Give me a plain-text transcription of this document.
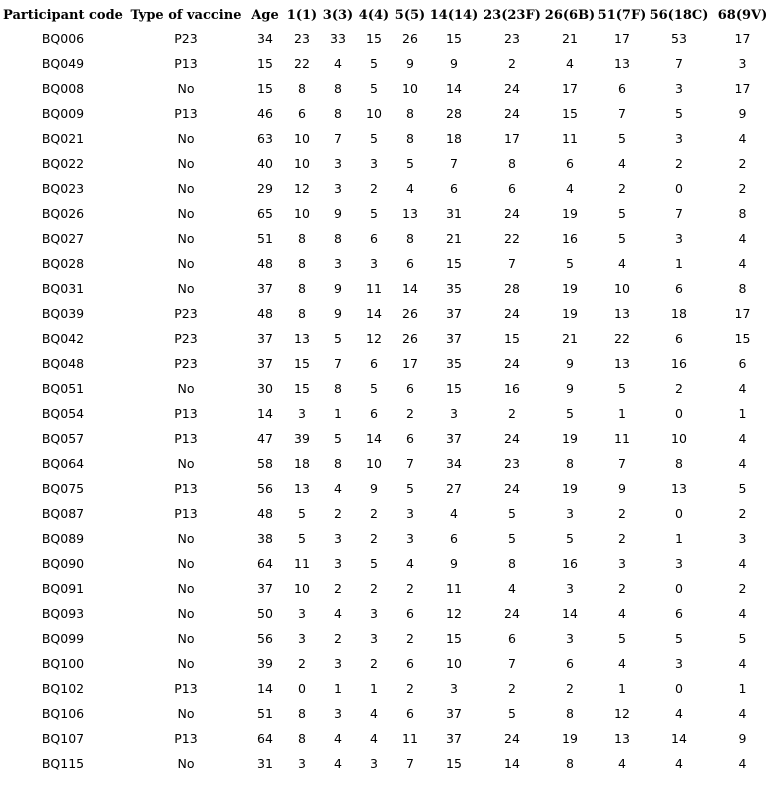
Participant code	Type of vaccine	Age	1(1)	3(3)	4(4)	5(5)	14(14)	23(23F)	26(6B)	51(7F)	56(18C)	68(9V)
BQ006	P23	34	23	33	15	26	15	23	21	17	53	17
BQ049	P13	15	22	4	5	9	9	2	4	13	7	3
BQ008	No	15	8	8	5	10	14	24	17	6	3	17
BQ009	P13	46	6	8	10	8	28	24	15	7	5	9
BQ021	No	63	10	7	5	8	18	17	11	5	3	4
BQ022	No	40	10	3	3	5	7	8	6	4	2	2
BQ023	No	29	12	3	2	4	6	6	4	2	0	2
BQ026	No	65	10	9	5	13	31	24	19	5	7	8
BQ027	No	51	8	8	6	8	21	22	16	5	3	4
BQ028	No	48	8	3	3	6	15	7	5	4	1	4
BQ031	No	37	8	9	11	14	35	28	19	10	6	8
BQ039	P23	48	8	9	14	26	37	24	19	13	18	17
BQ042	P23	37	13	5	12	26	37	15	21	22	6	15
BQ048	P23	37	15	7	6	17	35	24	9	13	16	6
BQ051	No	30	15	8	5	6	15	16	9	5	2	4
BQ054	P13	14	3	1	6	2	3	2	5	1	0	1
BQ057	P13	47	39	5	14	6	37	24	19	11	10	4
BQ064	No	58	18	8	10	7	34	23	8	7	8	4
BQ075	P13	56	13	4	9	5	27	24	19	9	13	5
BQ087	P13	48	5	2	2	3	4	5	3	2	0	2
BQ089	No	38	5	3	2	3	6	5	5	2	1	3
BQ090	No	64	11	3	5	4	9	8	16	3	3	4
BQ091	No	37	10	2	2	2	11	4	3	2	0	2
BQ093	No	50	3	4	3	6	12	24	14	4	6	4
BQ099	No	56	3	2	3	2	15	6	3	5	5	5
BQ100	No	39	2	3	2	6	10	7	6	4	3	4
BQ102	P13	14	0	1	1	2	3	2	2	1	0	1
BQ106	No	51	8	3	4	6	37	5	8	12	4	4
BQ107	P13	64	8	4	4	11	37	24	19	13	14	9
BQ115	No	31	3	4	3	7	15	14	8	4	4	4
